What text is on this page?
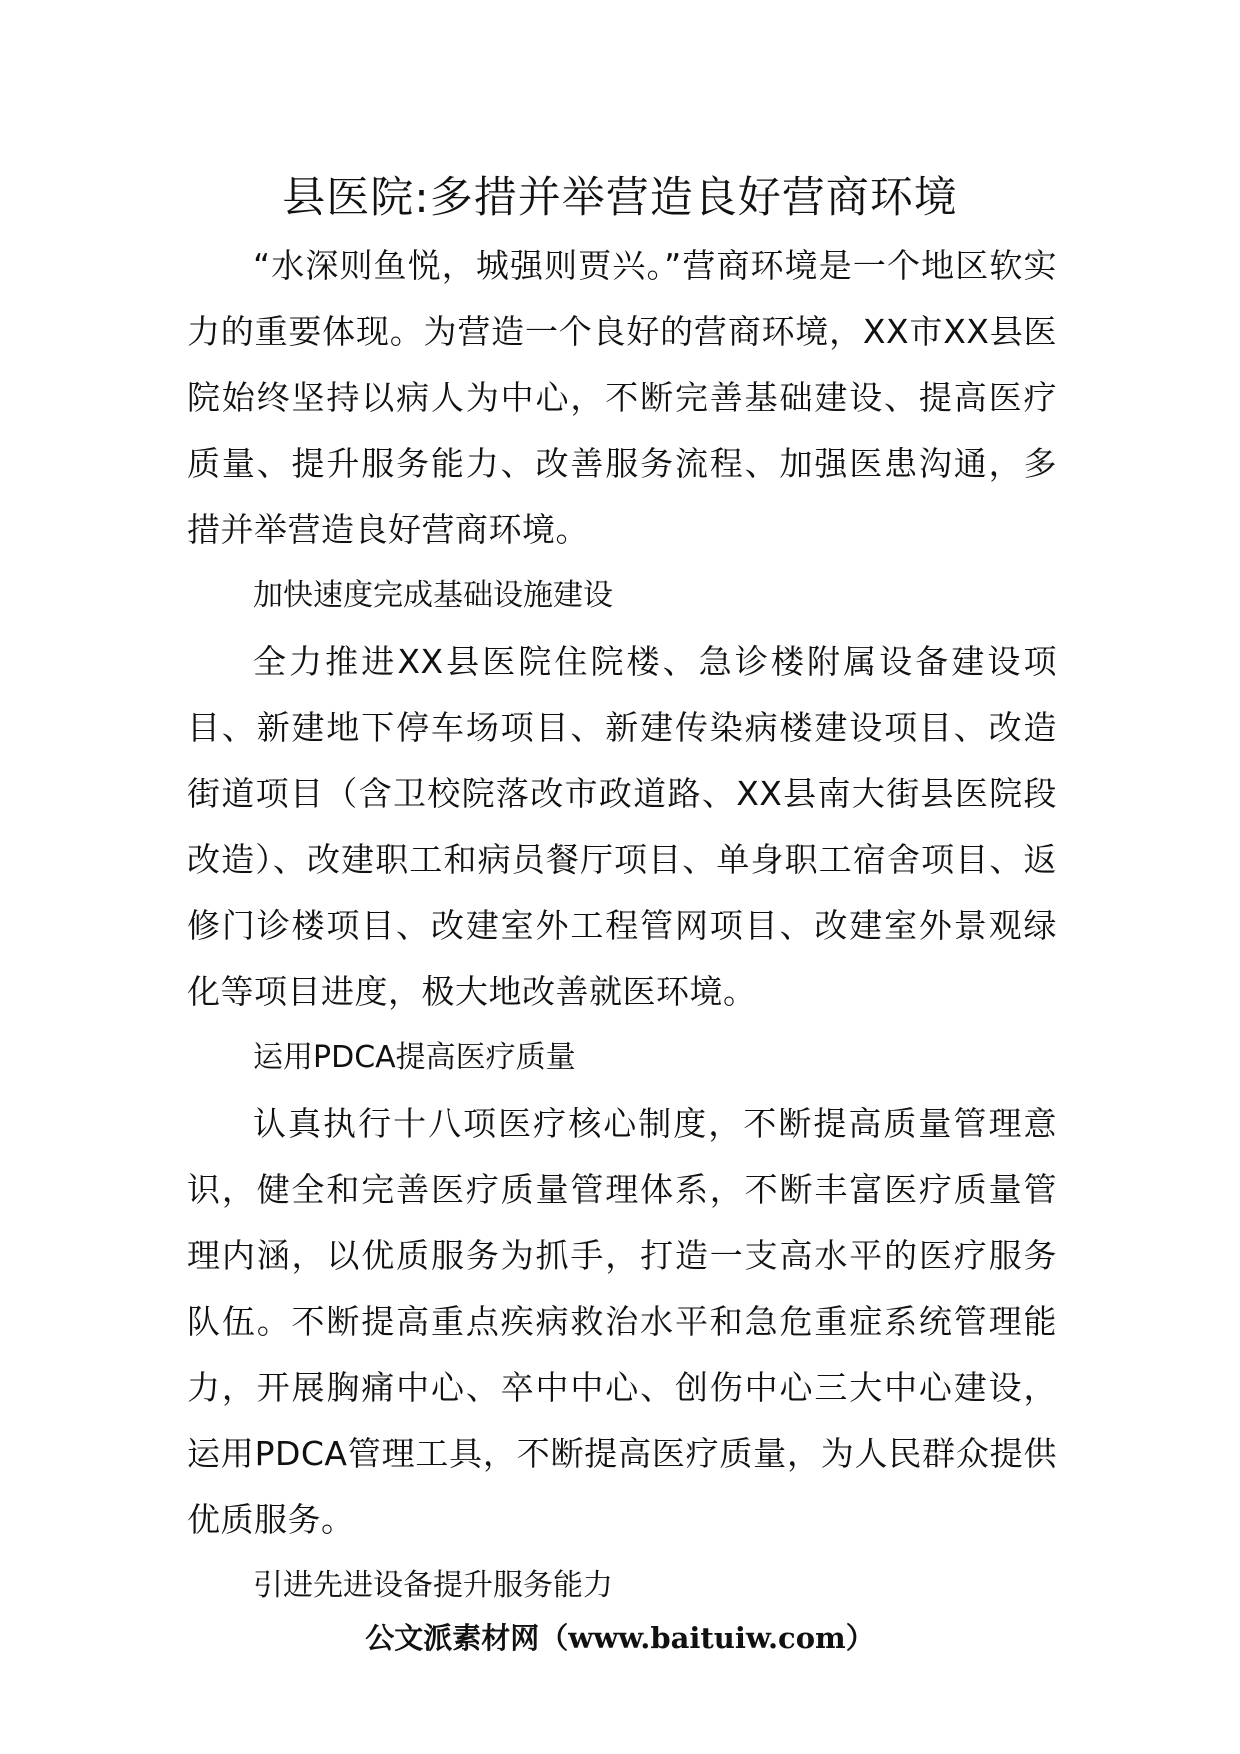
县医院:多措并举营造良好营商环境

“水深则鱼悦，城强则贾兴。”营商环境是一个地区软实力的重要体现。为营造一个良好的营商环境，XX市XX县医院始终坚持以病人为中心，不断完善基础建设、提高医疗质量、提升服务能力、改善服务流程、加强医患沟通，多措并举营造良好营商环境。

加快速度完成基础设施建设

全力推进XX县医院住院楼、急诊楼附属设备建设项目、新建地下停车场项目、新建传染病楼建设项目、改造街道项目（含卫校院落改市政道路、XX县南大街县医院段改造）、改建职工和病员餐厅项目、单身职工宿舍项目、返修门诊楼项目、改建室外工程管网项目、改建室外景观绿化等项目进度，极大地改善就医环境。

运用PDCA提高医疗质量

认真执行十八项医疗核心制度，不断提高质量管理意识，健全和完善医疗质量管理体系，不断丰富医疗质量管理内涵，以优质服务为抓手，打造一支高水平的医疗服务队伍。不断提高重点疾病救治水平和急危重症系统管理能力，开展胸痛中心、卒中中心、创伤中心三大中心建设，运用PDCA管理工具，不断提高医疗质量，为人民群众提供优质服务。

引进先进设备提升服务能力

公文派素材网（www.baituiw.com）
